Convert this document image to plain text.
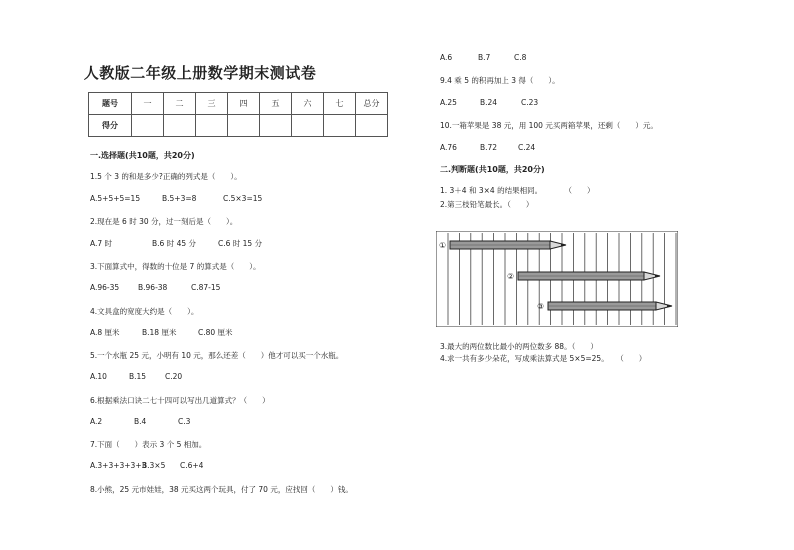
人教版二年级上册数学期末测试卷
题号	一	二	三	四	五	六	七	总分
得分								
一.选择题(共10题，共20分)
1.5 个 3 的和是多少?正确的列式是（　　）。
A.5+5+5=15	B.5+3=8	C.5×3=15
2.现在是 6 时 30 分，过一刻后是（　　）。
A.7 时	B.6 时 45 分	C.6 时 15 分
3.下面算式中，得数的十位是 7 的算式是（　　）。
A.96-35	B.96-38	C.87-15
4.文具盒的宽度大约是（　　）。
A.8 厘米	B.18 厘米	C.80 厘米
5.一个水瓶 25 元，小明有 10 元，那么还差（　　）他才可以买一个水瓶。
A.10	B.15	C.20
6.根据乘法口诀二七十四可以写出几道算式？（　　）
A.2	B.4	C.3
7.下面（　　）表示 3 个 5 相加。
A.3+3+3+3+3B.3×5 C.6+4
8.小熊，25 元市娃娃，38 元买这两个玩具，付了 70 元，应找回（　　）钱。
A.6	B.7	C.8
9.4 乘 5 的积再加上 3 得（　　）。
A.25	B.24	C.23
10.一箱苹果是 38 元，用 100 元买两箱苹果，还剩（　　）元。
A.76	B.72	C.24
二.判断题(共10题，共20分)
1. 3＋4 和 3×4 的结果相同。　　　　（　　）
2.第三枝铅笔最长。（　　）
①
②
③
3.最大的两位数比最小的两位数多 88。（　　）
4.求一共有多少朵花，写成乘法算式是 5×5=25。　　（　　）
